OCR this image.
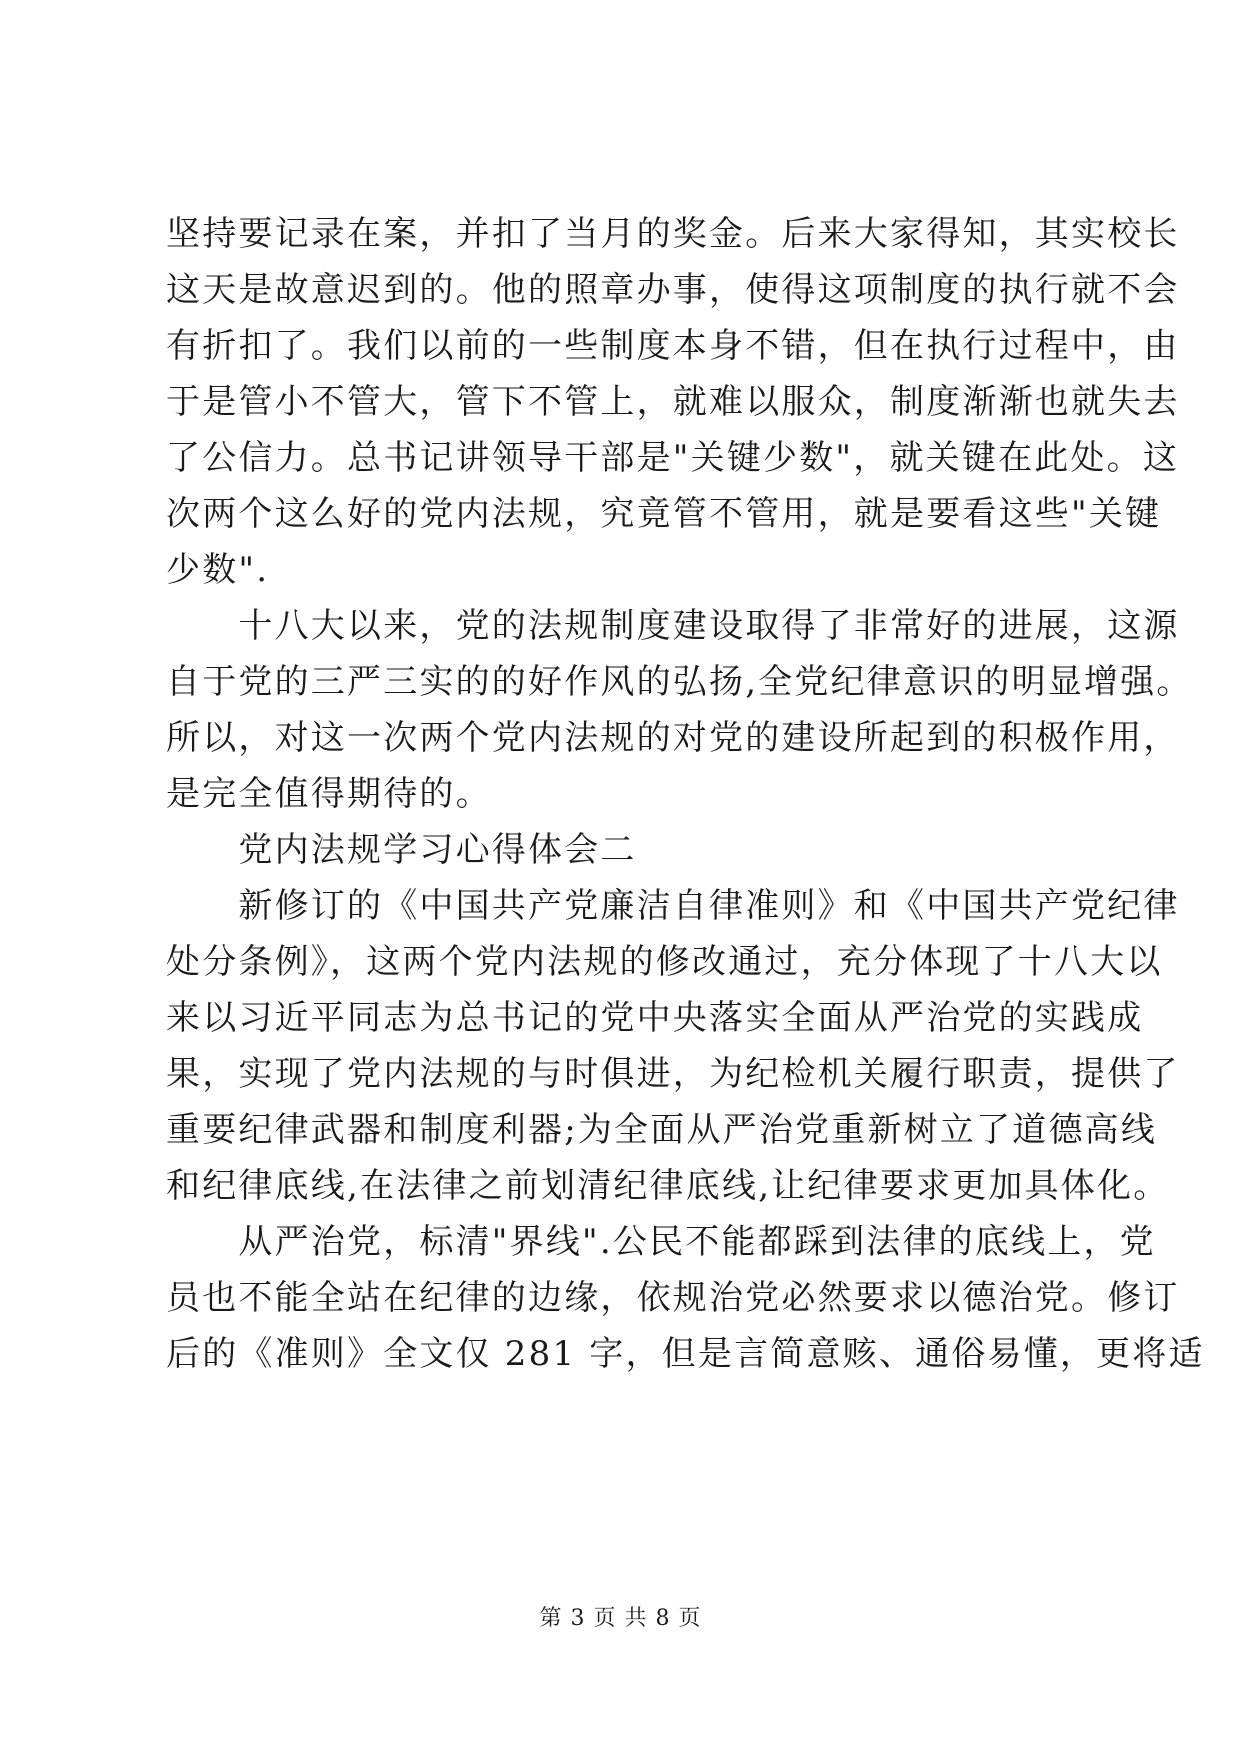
坚持要记录在案，并扣了当月的奖金。后来大家得知，其实校长
这天是故意迟到的。他的照章办事，使得这项制度的执行就不会
有折扣了。我们以前的一些制度本身不错，但在执行过程中，由
于是管小不管大，管下不管上，就难以服众，制度渐渐也就失去
了公信力。总书记讲领导干部是"关键少数"，就关键在此处。这
次两个这么好的党内法规，究竟管不管用，就是要看这些"关键
少数".
　　十八大以来，党的法规制度建设取得了非常好的进展，这源
自于党的三严三实的的好作风的弘扬,全党纪律意识的明显增强。
所以，对这一次两个党内法规的对党的建设所起到的积极作用，
是完全值得期待的。
　　党内法规学习心得体会二
　　新修订的《中国共产党廉洁自律准则》和《中国共产党纪律
处分条例》，这两个党内法规的修改通过，充分体现了十八大以
来以习近平同志为总书记的党中央落实全面从严治党的实践成
果，实现了党内法规的与时俱进，为纪检机关履行职责，提供了
重要纪律武器和制度利器;为全面从严治党重新树立了道德高线
和纪律底线,在法律之前划清纪律底线,让纪律要求更加具体化。
　　从严治党，标清"界线".公民不能都踩到法律的底线上，党
员也不能全站在纪律的边缘，依规治党必然要求以德治党。修订
后的《准则》全文仅 281 字，但是言简意赅、通俗易懂，更将适
第 3 页 共 8 页
